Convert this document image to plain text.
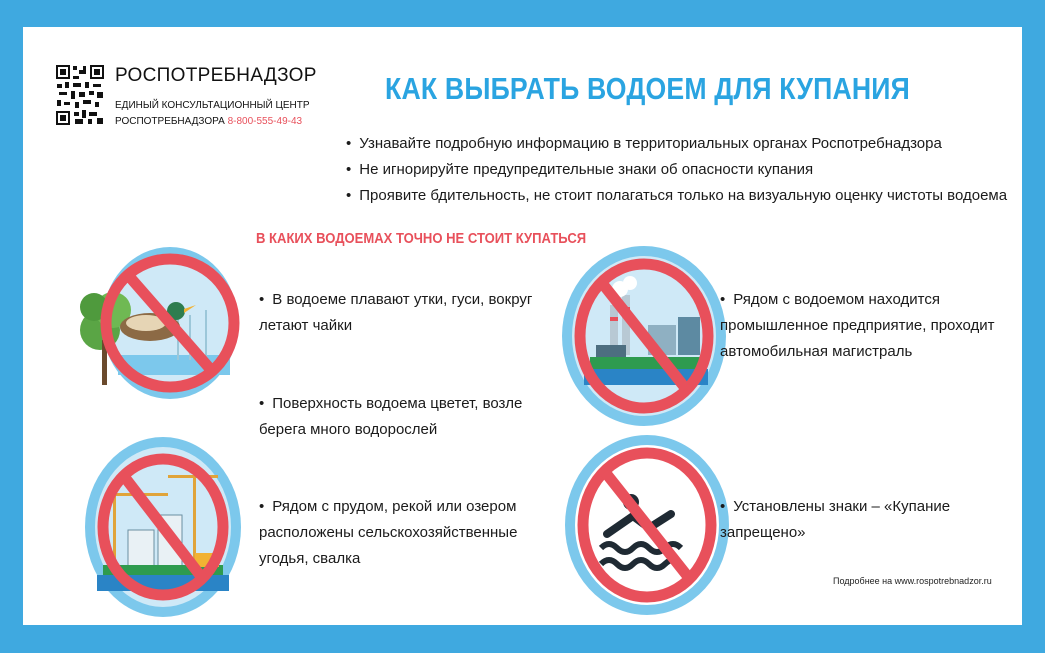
РОСПОТРЕБНАДЗОР
ЕДИНЫЙ КОНСУЛЬТАЦИОННЫЙ ЦЕНТР
РОСПОТРЕБНАДЗОРА 8-800-555-49-43
КАК ВЫБРАТЬ ВОДОЕМ ДЛЯ КУПАНИЯ
• Узнавайте подробную информацию в территориальных органах Роспотребнадзора
• Не игнорируйте предупредительные знаки об опасности купания
• Проявите бдительность, не стоит полагаться только на визуальную оценку чистоты водоема
В КАКИХ ВОДОЕМАХ ТОЧНО НЕ СТОИТ КУПАТЬСЯ
• В водоеме плавают утки, гуси, вокруг
летают чайки
• Поверхность водоема цветет, возле
берега много водорослей
• Рядом с прудом, рекой или озером
расположены сельскохозяйственные
угодья, свалка
• Рядом с водоемом находится
промышленное предприятие, проходит
автомобильная магистраль
• Установлены знаки – «Купание
запрещено»
Подробнее на www.rospotrebnadzor.ru
